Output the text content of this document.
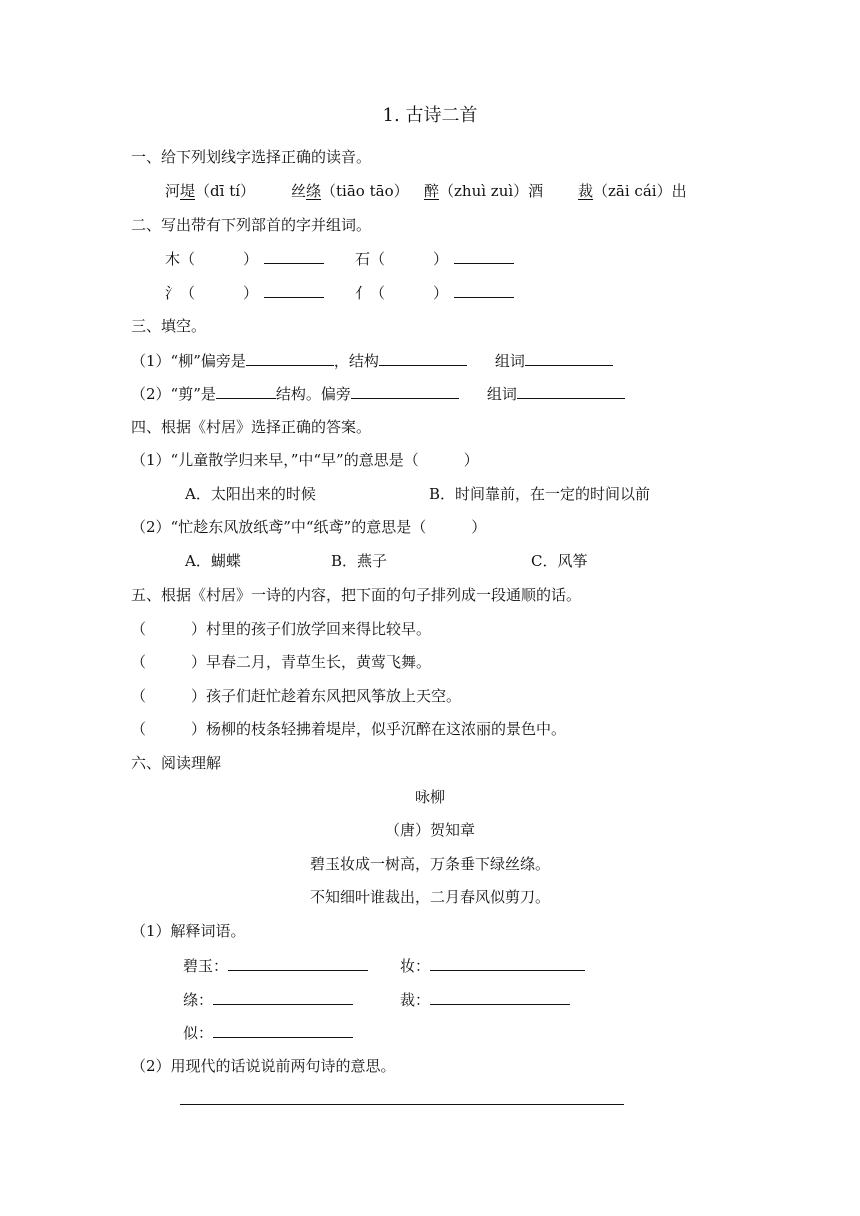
1. 古诗二首
一、给下列划线字选择正确的读音。
河堤（dī tí） 丝绦（tiāo tāo） 醉（zhuì zuì）酒 裁（zāi cái）出
二、写出带有下列部首的字并组词。
木（	）	石（	）
氵（	）	亻（	）
三、填空。
（1）“柳”偏旁是	，结构	组词
（2）“剪”是	结构。偏旁	组词
四、根据《村居》选择正确的答案。
（1）“儿童散学归来早，”中“早”的意思是（　　　）
A．太阳出来的时候	B．时间靠前，在一定的时间以前
（2）“忙趁东风放纸鸢”中“纸鸢”的意思是（　　　）
A．蝴蝶	B．燕子	C．风筝
五、根据《村居》一诗的内容，把下面的句子排列成一段通顺的话。
（　　　）村里的孩子们放学回来得比较早。
（　　　）早春二月，青草生长，黄莺飞舞。
（　　　）孩子们赶忙趁着东风把风筝放上天空。
（　　　）杨柳的枝条轻拂着堤岸，似乎沉醉在这浓丽的景色中。
六、阅读理解
咏柳
（唐）贺知章
碧玉妆成一树高，万条垂下绿丝绦。
不知细叶谁裁出，二月春风似剪刀。
（1）解释词语。
碧玉：	妆：
绦：	裁：
似：
（2）用现代的话说说前两句诗的意思。
